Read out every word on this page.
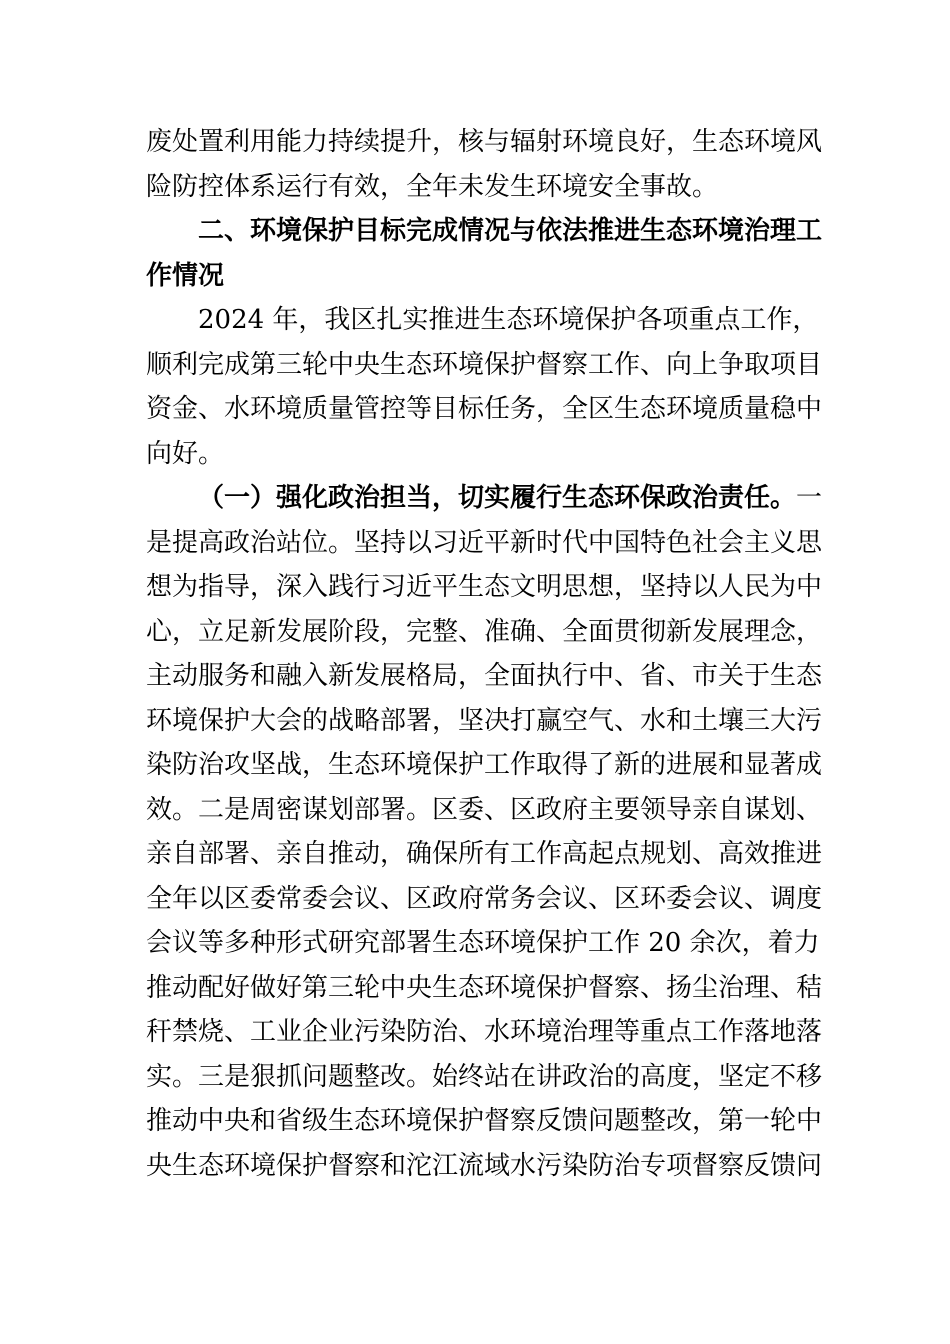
废处置利用能力持续提升，核与辐射环境良好，生态环境风
险防控体系运行有效，全年未发生环境安全事故。
二、环境保护目标完成情况与依法推进生态环境治理工
作情况
2024 年，我区扎实推进生态环境保护各项重点工作，
顺利完成第三轮中央生态环境保护督察工作、向上争取项目
资金、水环境质量管控等目标任务，全区生态环境质量稳中
向好。
（一）强化政治担当，切实履行生态环保政治责任。一
是提高政治站位。坚持以习近平新时代中国特色社会主义思
想为指导，深入践行习近平生态文明思想，坚持以人民为中
心，立足新发展阶段，完整、准确、全面贯彻新发展理念，
主动服务和融入新发展格局，全面执行中、省、市关于生态
环境保护大会的战略部署，坚决打赢空气、水和土壤三大污
染防治攻坚战，生态环境保护工作取得了新的进展和显著成
效。二是周密谋划部署。区委、区政府主要领导亲自谋划、
亲自部署、亲自推动，确保所有工作高起点规划、高效推进
全年以区委常委会议、区政府常务会议、区环委会议、调度
会议等多种形式研究部署生态环境保护工作 20 余次，着力
推动配好做好第三轮中央生态环境保护督察、扬尘治理、秸
秆禁烧、工业企业污染防治、水环境治理等重点工作落地落
实。三是狠抓问题整改。始终站在讲政治的高度，坚定不移
推动中央和省级生态环境保护督察反馈问题整改，第一轮中
央生态环境保护督察和沱江流域水污染防治专项督察反馈问
